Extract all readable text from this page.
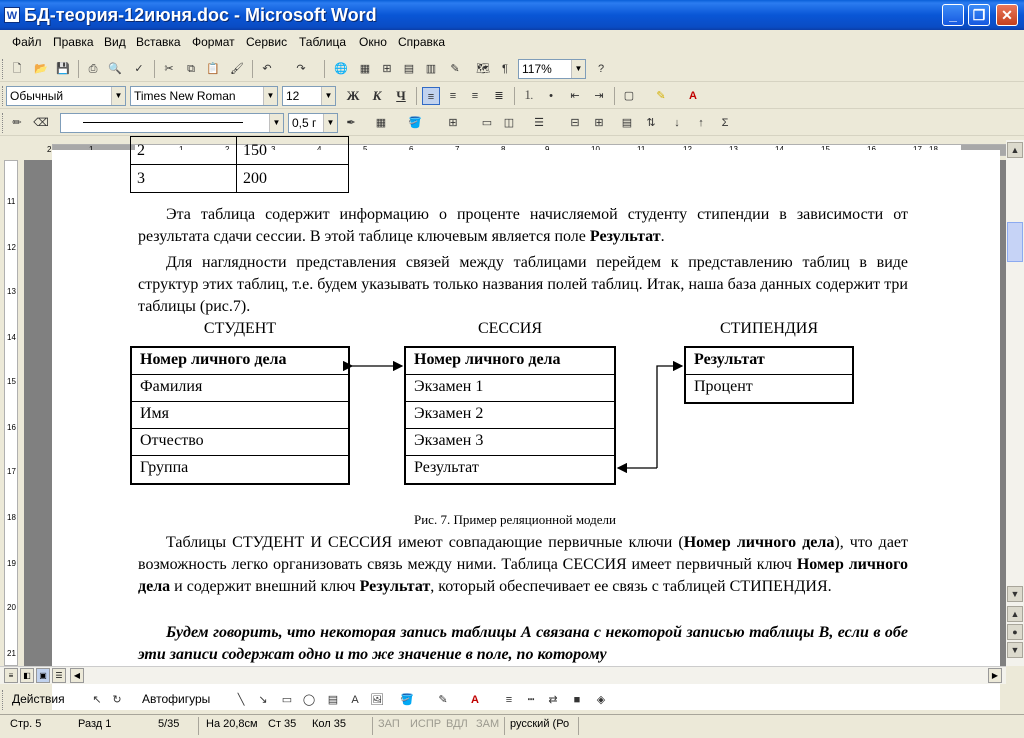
W БД-теория-12июня.doc - Microsoft Word	_	❐	✕
Файл Правка Вид Вставка Формат Сервис Таблица Окно Справка
🗋	📂 💾	⎙ 🔍	✓	✂	⧉	📋 🖌	↶	↷	🌐	▦	⊞	▤	▥	✎	🗺	¶	117%	▼	?
Обычный	▼ Times New Roman	▼ 12	▼ Ж	К	Ч	≡	≡	≡	≣	⒈	•	⇤	⇥	▢	✎	A
✏	⌫	▼ 0,5 г	▼	✒	▦	🪣	⊞	▭	◫	☰	⊟	⊞	▤	⇅	↓	↑	Σ
2
11
12
13
14
15
16
17
18
19
20
21
2	150
3	200
Эта таблица содержит информацию о проценте начисляемой студенту стипендии в зависимости от результата сдачи сессии. В этой таблице ключевым является поле Результат.
Для наглядности представления связей между таблицами перейдем к представлению таблиц в виде структур этих таблиц, т.е. будем указывать только названия полей таблиц. Итак, наша база данных содержит три таблицы (рис.7).
СТУДЕНТ	СЕССИЯ	СТИПЕНДИЯ
Номер личного дела
Фамилия
Имя
Отчество
Группа
Номер личного дела
Экзамен 1
Экзамен 2
Экзамен 3
Результат
Результат
Процент
Рис. 7. Пример реляционной модели
Таблицы СТУДЕНТ И СЕССИЯ имеют совпадающие первичные ключи (Номер личного дела), что дает возможность легко организовать связь между ними. Таблица СЕССИЯ имеет первичный ключ Номер личного дела и содержит внешний ключ Результат, который обеспечивает ее связь с таблицей СТИПЕНДИЯ.
Будем говорить, что некоторая запись таблицы А связана с некоторой записью таблицы В, если в обе эти записи содержат одно и то же значение в поле, по которому
▲
▼
▲
●
▼
≡	◧	▣	☰	◀	▶
Действия	↖ ↻	Автофигуры	╲	↘	▭ ◯	▤	A	🖼 🪣	✎	A	≡	┅	⇄	■	◈
Стр. 5	Разд 1	5/35 На 20,8см Ст 35 Кол 35	ЗАП ИСПР ВДЛ ЗАМ русский (Ро
